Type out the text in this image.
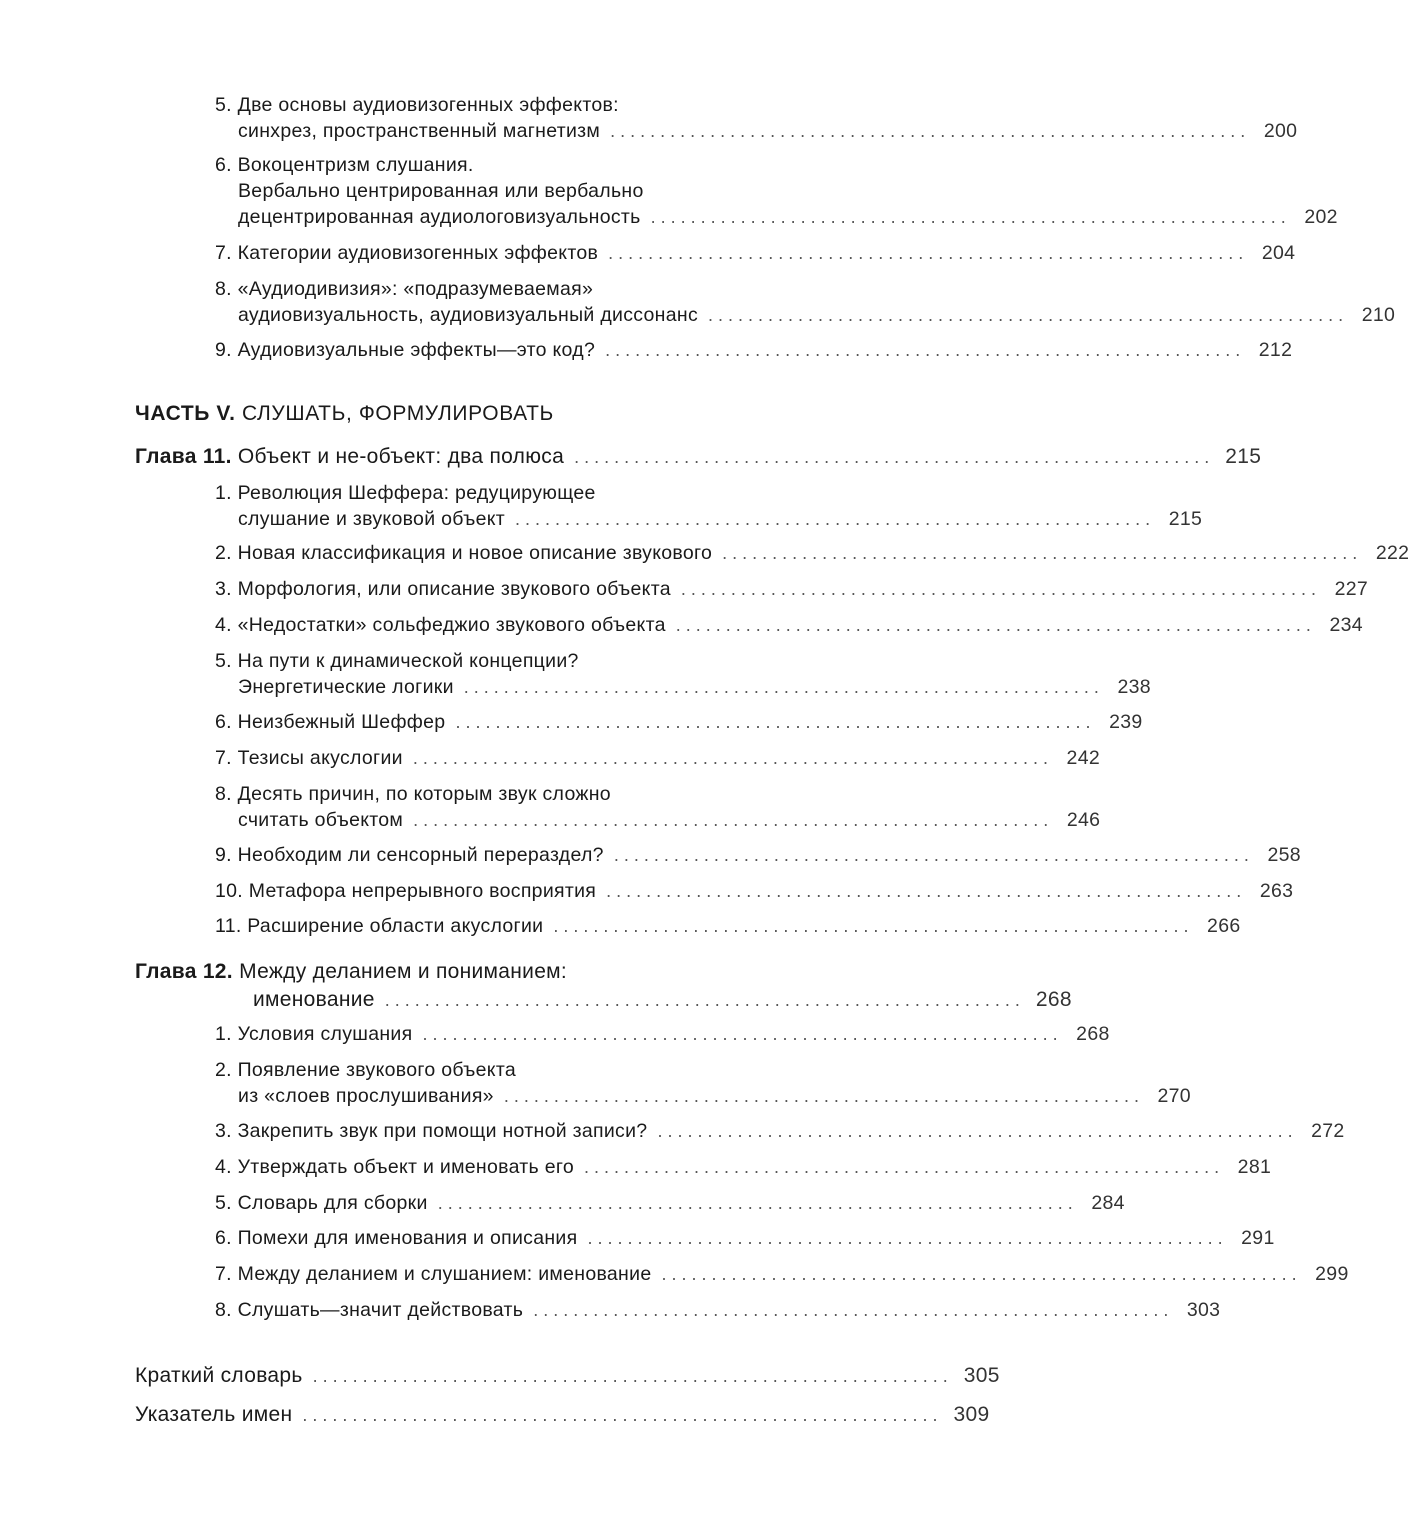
5. Две основы аудиовизогенных эффектов:
синхрез, пространственный магнетизм . . . . . . . . . . . . . . . . . . . . . . . . . . . . . . . . . . . . . . . . . . . . . . . . . . . . . . . . . . . . . . . . 200
6. Вокоцентризм слушания.
Вербально центрированная или вербально
децентрированная аудиологовизуальность . . . . . . . . . . . . . . . . . . . . . . . . . . . . . . . . . . . . . . . . . . . . . . . . . . . . . . . . . . . . . . . . 202
7. Категории аудиовизогенных эффектов . . . . . . . . . . . . . . . . . . . . . . . . . . . . . . . . . . . . . . . . . . . . . . . . . . . . . . . . . . . . . . . . 204
8. «Аудиодивизия»: «подразумеваемая»
аудиовизуальность, аудиовизуальный диссонанс . . . . . . . . . . . . . . . . . . . . . . . . . . . . . . . . . . . . . . . . . . . . . . . . . . . . . . . . . . . . . . . . 210
9. Аудиовизуальные эффекты—это код? . . . . . . . . . . . . . . . . . . . . . . . . . . . . . . . . . . . . . . . . . . . . . . . . . . . . . . . . . . . . . . . . 212
ЧАСТЬ V. СЛУШАТЬ, ФОРМУЛИРОВАТЬ
Глава 11. Объект и не-объект: два полюса . . . . . . . . . . . . . . . . . . . . . . . . . . . . . . . . . . . . . . . . . . . . . . . . . . . . . . . . . . . . . . . . 215
1. Революция Шеффера: редуцирующее
слушание и звуковой объект . . . . . . . . . . . . . . . . . . . . . . . . . . . . . . . . . . . . . . . . . . . . . . . . . . . . . . . . . . . . . . . . 215
2. Новая классификация и новое описание звукового . . . . . . . . . . . . . . . . . . . . . . . . . . . . . . . . . . . . . . . . . . . . . . . . . . . . . . . . . . . . . . . . 222
3. Морфология, или описание звукового объекта . . . . . . . . . . . . . . . . . . . . . . . . . . . . . . . . . . . . . . . . . . . . . . . . . . . . . . . . . . . . . . . . 227
4. «Недостатки» сольфеджио звукового объекта . . . . . . . . . . . . . . . . . . . . . . . . . . . . . . . . . . . . . . . . . . . . . . . . . . . . . . . . . . . . . . . . 234
5. На пути к динамической концепции?
Энергетические логики . . . . . . . . . . . . . . . . . . . . . . . . . . . . . . . . . . . . . . . . . . . . . . . . . . . . . . . . . . . . . . . . 238
6. Неизбежный Шеффер . . . . . . . . . . . . . . . . . . . . . . . . . . . . . . . . . . . . . . . . . . . . . . . . . . . . . . . . . . . . . . . . 239
7. Тезисы акуслогии . . . . . . . . . . . . . . . . . . . . . . . . . . . . . . . . . . . . . . . . . . . . . . . . . . . . . . . . . . . . . . . . 242
8. Десять причин, по которым звук сложно
считать объектом . . . . . . . . . . . . . . . . . . . . . . . . . . . . . . . . . . . . . . . . . . . . . . . . . . . . . . . . . . . . . . . . 246
9. Необходим ли сенсорный перераздел? . . . . . . . . . . . . . . . . . . . . . . . . . . . . . . . . . . . . . . . . . . . . . . . . . . . . . . . . . . . . . . . . 258
10. Метафора непрерывного восприятия . . . . . . . . . . . . . . . . . . . . . . . . . . . . . . . . . . . . . . . . . . . . . . . . . . . . . . . . . . . . . . . . 263
11. Расширение области акуслогии . . . . . . . . . . . . . . . . . . . . . . . . . . . . . . . . . . . . . . . . . . . . . . . . . . . . . . . . . . . . . . . . 266
Глава 12. Между деланием и пониманием:
именование . . . . . . . . . . . . . . . . . . . . . . . . . . . . . . . . . . . . . . . . . . . . . . . . . . . . . . . . . . . . . . . . 268
1. Условия слушания . . . . . . . . . . . . . . . . . . . . . . . . . . . . . . . . . . . . . . . . . . . . . . . . . . . . . . . . . . . . . . . . 268
2. Появление звукового объекта
из «слоев прослушивания» . . . . . . . . . . . . . . . . . . . . . . . . . . . . . . . . . . . . . . . . . . . . . . . . . . . . . . . . . . . . . . . . 270
3. Закрепить звук при помощи нотной записи? . . . . . . . . . . . . . . . . . . . . . . . . . . . . . . . . . . . . . . . . . . . . . . . . . . . . . . . . . . . . . . . . 272
4. Утверждать объект и именовать его . . . . . . . . . . . . . . . . . . . . . . . . . . . . . . . . . . . . . . . . . . . . . . . . . . . . . . . . . . . . . . . . 281
5. Словарь для сборки . . . . . . . . . . . . . . . . . . . . . . . . . . . . . . . . . . . . . . . . . . . . . . . . . . . . . . . . . . . . . . . . 284
6. Помехи для именования и описания . . . . . . . . . . . . . . . . . . . . . . . . . . . . . . . . . . . . . . . . . . . . . . . . . . . . . . . . . . . . . . . . 291
7. Между деланием и слушанием: именование . . . . . . . . . . . . . . . . . . . . . . . . . . . . . . . . . . . . . . . . . . . . . . . . . . . . . . . . . . . . . . . . 299
8. Слушать—значит действовать . . . . . . . . . . . . . . . . . . . . . . . . . . . . . . . . . . . . . . . . . . . . . . . . . . . . . . . . . . . . . . . . 303
Краткий словарь . . . . . . . . . . . . . . . . . . . . . . . . . . . . . . . . . . . . . . . . . . . . . . . . . . . . . . . . . . . . . . . . 305
Указатель имен . . . . . . . . . . . . . . . . . . . . . . . . . . . . . . . . . . . . . . . . . . . . . . . . . . . . . . . . . . . . . . . . 309
